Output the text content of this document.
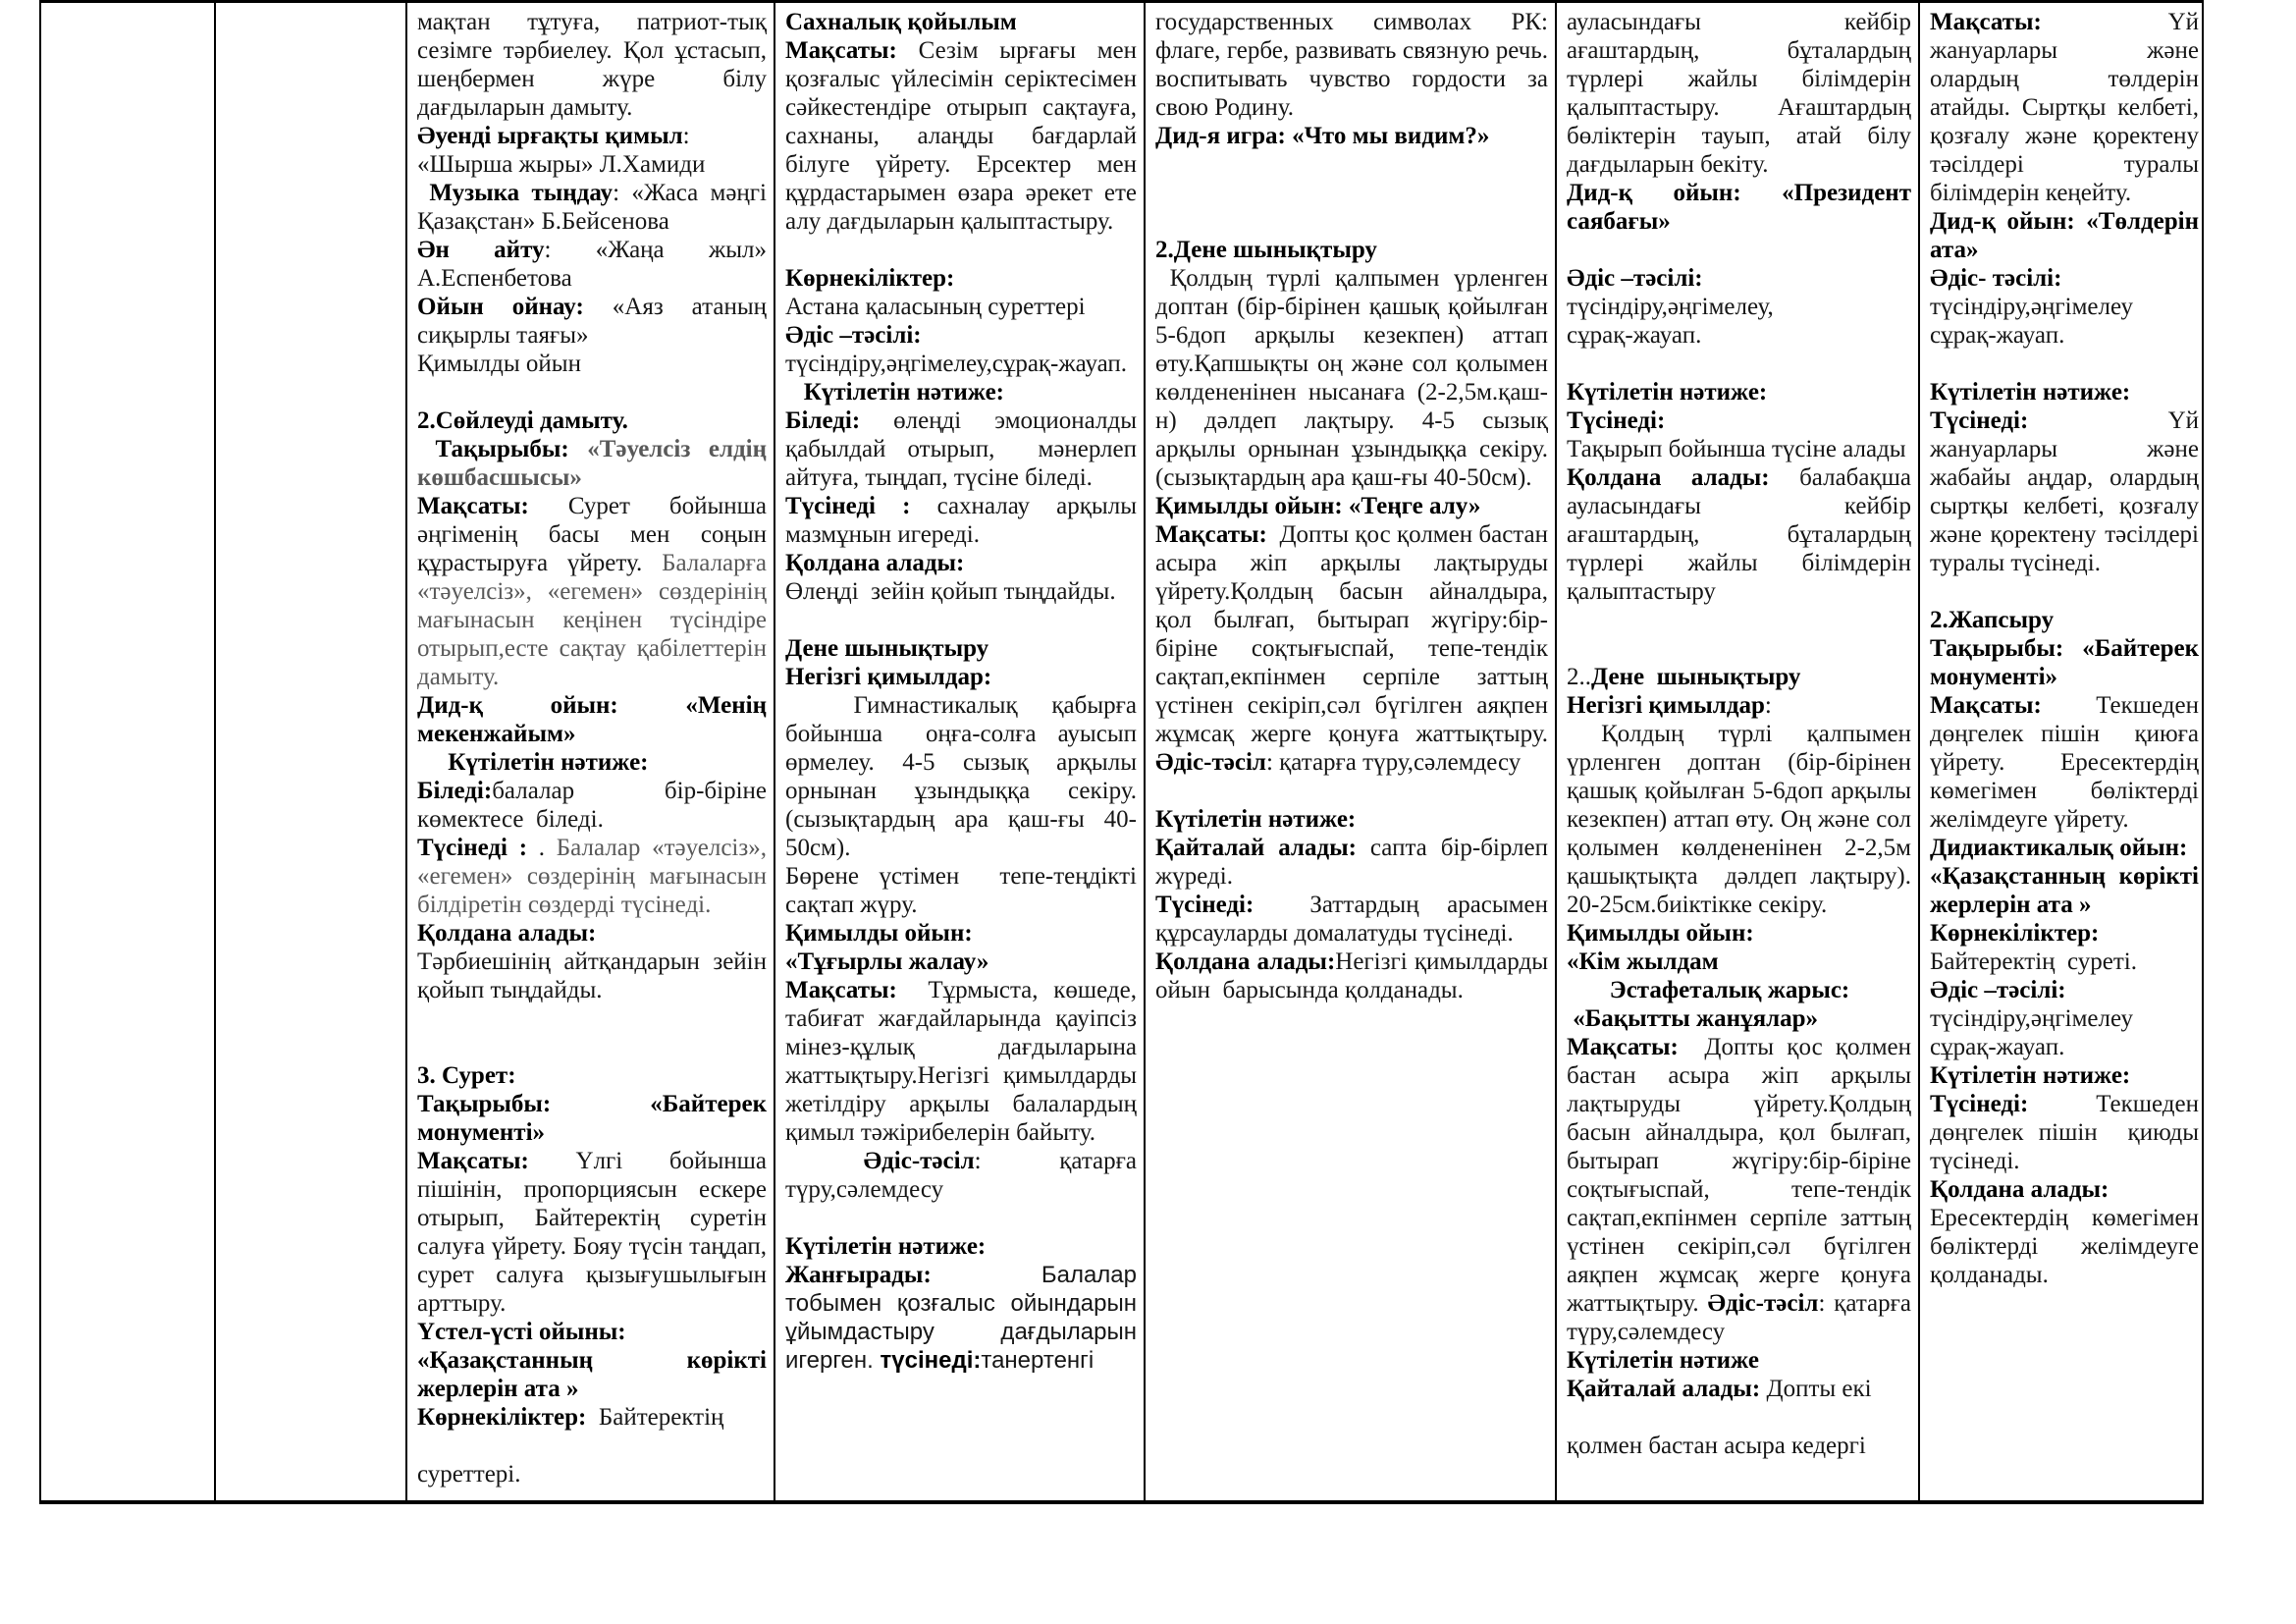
мақтан тұтуға, патриот-тық сезімге тәрбиелеу. Қол ұстасып, шеңбермен жүре білу дағдыларын дамыту.
Әуенді ырғақты қимыл:
«Шырша жыры» Л.Хамиди
Музыка тыңдау: «Жаса мәңгі Қазақстан» Б.Бейсенова
Ән айту: «Жаңа жыл» А.Еспенбетова
Ойын ойнау: «Аяз атаның сиқырлы таяғы»
Қимылды ойын

2.Сөйлеуді дамыту.
Тақырыбы: «Тәуелсіз елдің көшбасшысы»
Мақсаты: Сурет бойынша әңгіменің басы мен соңын құрастыруға үйрету. Балаларға «тәуелсіз», «егемен» сөздерінің мағынасын кеңінен түсіндіре отырып,есте сақтау қабілеттерін дамыту.
Дид-қ ойын: «Менің мекенжайым»
Күтілетін нәтиже:
Біледі:балалар бір-біріне көмектесе  біледі.
Түсінеді : . Балалар «тәуелсіз», «егемен» сөздерінің мағынасын білдіретін сөздерді түсінеді.
Қолдана алады:
Тәрбиешінің айтқандарын зейін қойып тыңдайды.

3. Сурет:
Тақырыбы: «Байтерек монументі»
Мақсаты: Үлгі бойынша пішінін, пропорциясын ескере отырып, Байтеректің суретін салуға үйрету. Бояу түсін таңдап, сурет салуға қызығушылығын арттыру.
Үстел-үсті ойыны:
«Қазақстанның көрікті жерлерін ата »
Көрнекіліктер:  Байтеректің

суреттері.
Сахналық қойылым
Мақсаты: Сезім ырғағы мен қозғалыс үйлесімін серіктесімен сәйкестендіре отырып сақтауға, сахнаны, алаңды бағдарлай білуге үйрету. Ерсектер мен құрдастарымен өзара әрекет ете алу дағдыларын қалыптастыру.

Көрнекіліктер:
Астана қаласының суреттері
Әдіс –тәсілі:
түсіндіру,әңгімелеу,сұрақ-жауап.
Күтілетін нәтиже:
Біледі: өлеңді эмоционалды қабылдай отырып,  мәнерлеп айтуға, тыңдап, түсіне біледі.
Түсінеді : сахналау арқылы мазмұнын игереді.
Қолдана алады:
Өлеңді  зейін қойып тыңдайды.

Дене шынықтыру
Негізгі қимылдар:
Гимнастикалық қабырға бойынша  оңға-солға ауысып өрмелеу. 4-5 сызық арқылы орнынан ұзындыққа секіру.(сызықтардың ара қаш-ғы 40-50см).
Бөрене үстімен  тепе-теңдікті сақтап жүру.
Қимылды ойын:
«Тұғырлы жалау»
Мақсаты:  Тұрмыста, көшеде, табиғат жағдайларында қауіпсіз мінез-құлық дағдыларына жаттықтыру.Негізгі қимылдарды жетілдіру арқылы балалардың қимыл тәжірибелерін байыту.
Әдіс-тәсіл: қатарға түру,сәлемдесу

Күтілетін нәтиже:
Жанғырады:	Балалар тобымен қозғалыс ойындарын ұйымдастыру дағдыларын игерген. түсінеді:танертенгі
государственных символах РК: флаге, гербе, развивать связную речь. воспитывать чувство гордости за свою Родину.
Дид-я игра: «Что мы видим?»

2.Дене шынықтыру
Қолдың түрлі қалпымен үрленген доптан (бір-бірінен қашық қойылған 5-6доп арқылы кезекпен) аттап өту.Қапшықты оң және сол қолымен көлдененінен нысанаға (2-2,5м.қаш-н) дәлдеп лақтыру. 4-5 сызық арқылы орнынан ұзындыққа секіру.(сызықтардың ара қаш-ғы 40-50см).
Қимылды ойын: «Теңге алу»
Мақсаты:  Допты қос қолмен бастан асыра жіп арқылы лақтыруды үйрету.Қолдың басын айналдыра, қол былғап, бытырап жүгіру:бір-біріне соқтығыспай, тепе-тендік сақтап,екпінмен серпіле заттың үстінен секіріп,сәл бүгілген аяқпен жұмсақ жерге қонуға жаттықтыру. Әдіс-тәсіл: қатарға түру,сәлемдесу

Күтілетін нәтиже:
Қайталай алады: сапта бір-бірлеп жүреді.
Түсінеді:  Заттардың арасымен құрсауларды домалатуды түсінеді.
Қолдана алады:Негізгі қимылдарды ойын  барысында қолданады.
ауласындағы кейбір ағаштардың, бұталардың түрлері жайлы білімдерін қалыптастыру. Ағаштардың бөліктерін тауып, атай білу дағдыларын бекіту.
Дид-қ ойын: «Президент саябағы»

Әдіс –тәсілі:
түсіндіру,әңгімелеу,
сұрақ-жауап.

Күтілетін нәтиже:
Түсінеді:
Тақырып бойынша түсіне алады
Қолдана алады: балабақша ауласындағы кейбір ағаштардың, бұталардың түрлері жайлы білімдерін қалыптастыру

2..Дене  шынықтыру
Негізгі қимылдар:
Қолдың түрлі қалпымен үрленген доптан (бір-бірінен қашық қойылған 5-6доп арқылы кезекпен) аттап өту. Оң және сол қолымен көлдененінен 2-2,5м қашықтықта  дәлдеп лақтыру). 20-25см.биіктікке секіру.
Қимылды ойын:
«Кім жылдам
Эстафеталық жарыс:
«Бақытты жанұялар»
Мақсаты:  Допты қос қолмен бастан асыра жіп арқылы лақтыруды үйрету.Қолдың басын айналдыра, қол былғап, бытырап жүгіру:бір-біріне соқтығыспай, тепе-тендік сақтап,екпінмен серпіле заттың үстінен секіріп,сәл бүгілген аяқпен жұмсақ жерге қонуға жаттықтыру. Әдіс-тәсіл: қатарға түру,сәлемдесу
Күтілетін нәтиже
Қайталай алады: Допты екі

қолмен бастан асыра кедергі
Мақсаты: Үй жануарлары және олардың төлдерін атайды. Сыртқы келбеті, қозғалу және қоректену тәсілдері туралы білімдерін кеңейту.
Дид-қ ойын: «Төлдерін ата»
Әдіс- тәсілі:
түсіндіру,әңгімелеу
сұрақ-жауап.

Күтілетін нәтиже:
Түсінеді: Үй жануарлары және жабайы аңдар, олардың сыртқы келбеті, қозғалу және қоректену тәсілдері туралы түсінеді.

2.Жапсыру
Тақырыбы: «Байтерек монументі»
Мақсаты: Текшеден дөңгелек пішін  қиюға үйрету. Ересектердің көмегімен бөліктерді желімдеуге үйрету.
Дидиактикалық ойын:
«Қазақстанның көрікті жерлерін ата »
Көрнекіліктер:
Байтеректің  суреті.
Әдіс –тәсілі:
түсіндіру,әңгімелеу
сұрақ-жауап.
Күтілетін нәтиже:
Түсінеді: Текшеден дөңгелек пішін  қиюды түсінеді.
Қолдана алады:
Ересектердің көмегімен бөліктерді желімдеуге қолданады.
